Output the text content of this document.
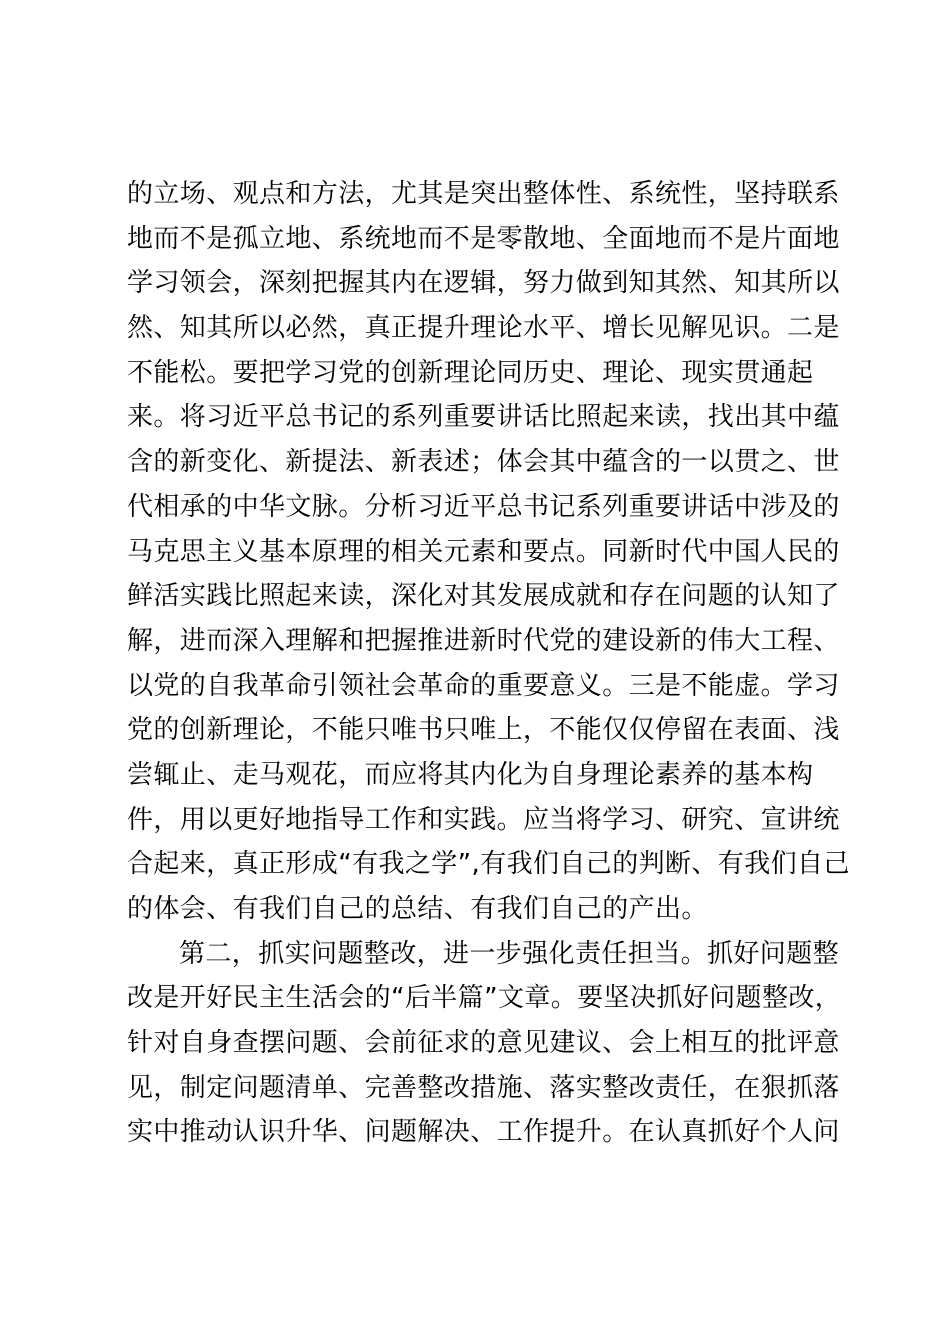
的立场、观点和方法，尤其是突出整体性、系统性，坚持联系
地而不是孤立地、系统地而不是零散地、全面地而不是片面地
学习领会，深刻把握其内在逻辑，努力做到知其然、知其所以
然、知其所以必然，真正提升理论水平、增长见解见识。二是
不能松。要把学习党的创新理论同历史、理论、现实贯通起
来。将习近平总书记的系列重要讲话比照起来读，找出其中蕴
含的新变化、新提法、新表述；体会其中蕴含的一以贯之、世
代相承的中华文脉。分析习近平总书记系列重要讲话中涉及的
马克思主义基本原理的相关元素和要点。同新时代中国人民的
鲜活实践比照起来读，深化对其发展成就和存在问题的认知了
解，进而深入理解和把握推进新时代党的建设新的伟大工程、
以党的自我革命引领社会革命的重要意义。三是不能虚。学习
党的创新理论，不能只唯书只唯上，不能仅仅停留在表面、浅
尝辄止、走马观花，而应将其内化为自身理论素养的基本构
件，用以更好地指导工作和实践。应当将学习、研究、宣讲统
合起来，真正形成“有我之学”,有我们自己的判断、有我们自己
的体会、有我们自己的总结、有我们自己的产出。
第二，抓实问题整改，进一步强化责任担当。抓好问题整
改是开好民主生活会的“后半篇”文章。要坚决抓好问题整改，
针对自身查摆问题、会前征求的意见建议、会上相互的批评意
见，制定问题清单、完善整改措施、落实整改责任，在狠抓落
实中推动认识升华、问题解决、工作提升。在认真抓好个人问
